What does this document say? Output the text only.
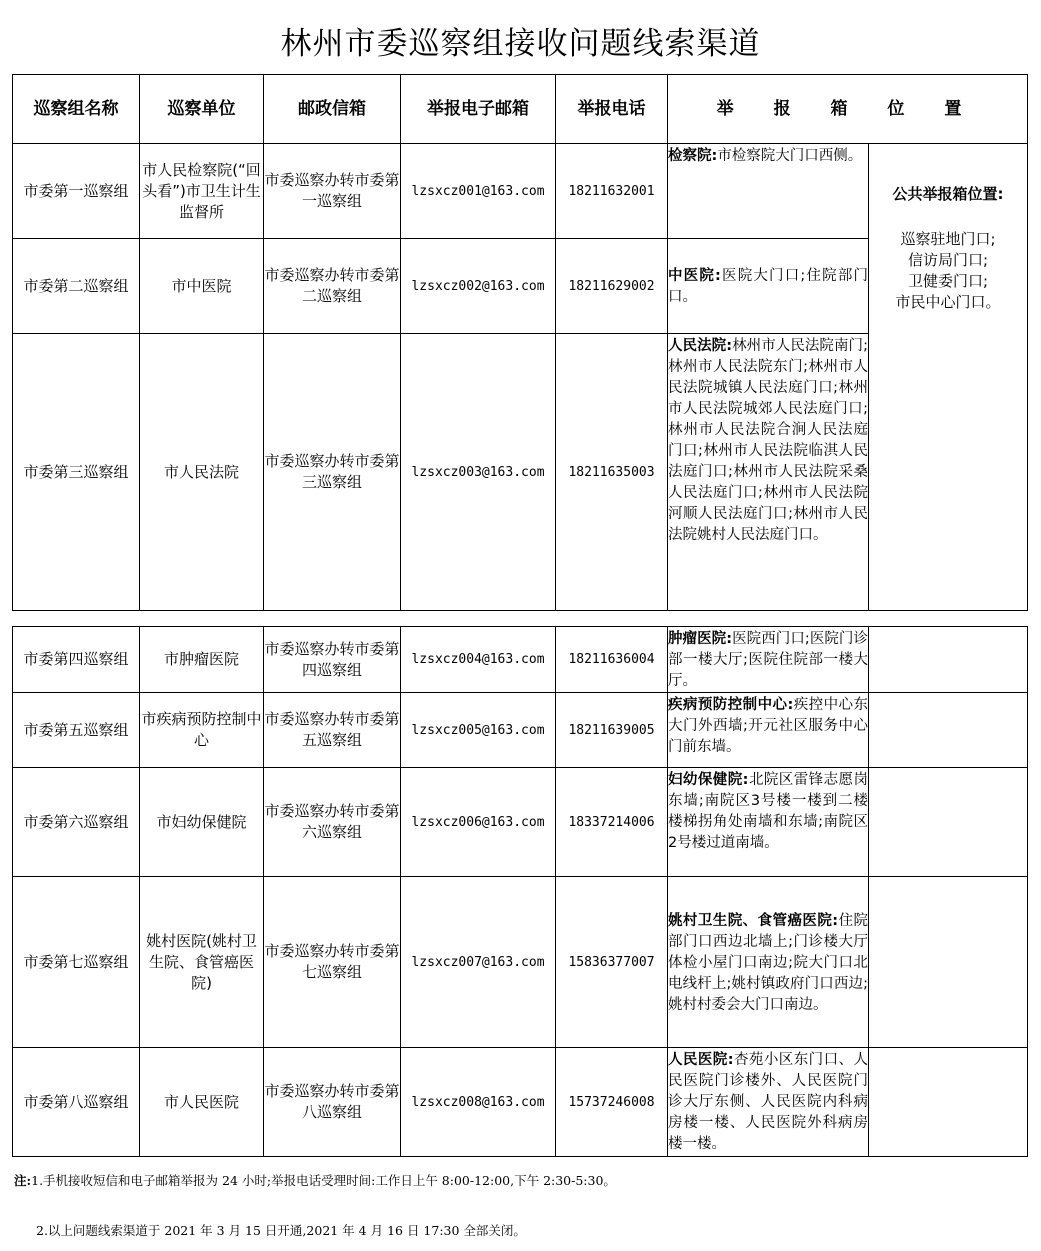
林州市委巡察组接收问题线索渠道
巡察组名称	巡察单位	邮政信箱	举报电子邮箱	举报电话	举 报 箱 位 置	
市委第一巡察组	市人民检察院(“回头看”)市卫生计生监督所	市委巡察办转市委第一巡察组	lzsxcz001@163.com	18211632001	检察院:市检察院大门口西侧。	公共举报箱位置:
巡察驻地门口;
信访局门口;
卫健委门口;
市民中心门口。

市委第二巡察组	市中医院	市委巡察办转市委第二巡察组	lzsxcz002@163.com	18211629002	中医院:医院大门口;住院部门口。	
市委第三巡察组	市人民法院	市委巡察办转市委第三巡察组	lzsxcz003@163.com	18211635003	人民法院:林州市人民法院南门;林州市人民法院东门;林州市人民法院城镇人民法庭门口;林州市人民法院城郊人民法庭门口;林州市人民法院合涧人民法庭门口;林州市人民法院临淇人民法庭门口;林州市人民法院采桑人民法庭门口;林州市人民法院河顺人民法庭门口;林州市人民法院姚村人民法庭门口。	
市委第四巡察组	市肿瘤医院	市委巡察办转市委第四巡察组	lzsxcz004@163.com	18211636004	肿瘤医院:医院西门口;医院门诊部一楼大厅;医院住院部一楼大厅。	
市委第五巡察组	市疾病预防控制中心	市委巡察办转市委第五巡察组	lzsxcz005@163.com	18211639005	疾病预防控制中心:疾控中心东大门外西墙;开元社区服务中心门前东墙。	
市委第六巡察组	市妇幼保健院	市委巡察办转市委第六巡察组	lzsxcz006@163.com	18337214006	妇幼保健院:北院区雷锋志愿岗东墙;南院区3号楼一楼到二楼楼梯拐角处南墙和东墙;南院区2号楼过道南墙。	
市委第七巡察组	姚村医院(姚村卫生院、食管癌医院)	市委巡察办转市委第七巡察组	lzsxcz007@163.com	15836377007	姚村卫生院、食管癌医院:住院部门口西边北墙上;门诊楼大厅体检小屋门口南边;院大门口北电线杆上;姚村镇政府门口西边;姚村村委会大门口南边。	
市委第八巡察组	市人民医院	市委巡察办转市委第八巡察组	lzsxcz008@163.com	15737246008	人民医院:杏苑小区东门口、人民医院门诊楼外、人民医院门诊大厅东侧、人民医院内科病房楼一楼、人民医院外科病房楼一楼。	
注:1.手机接收短信和电子邮箱举报为 24 小时;举报电话受理时间:工作日上午 8:00-12:00,下午 2:30-5:30。
2.以上问题线索渠道于 2021 年 3 月 15 日开通,2021 年 4 月 16 日 17:30 全部关闭。
